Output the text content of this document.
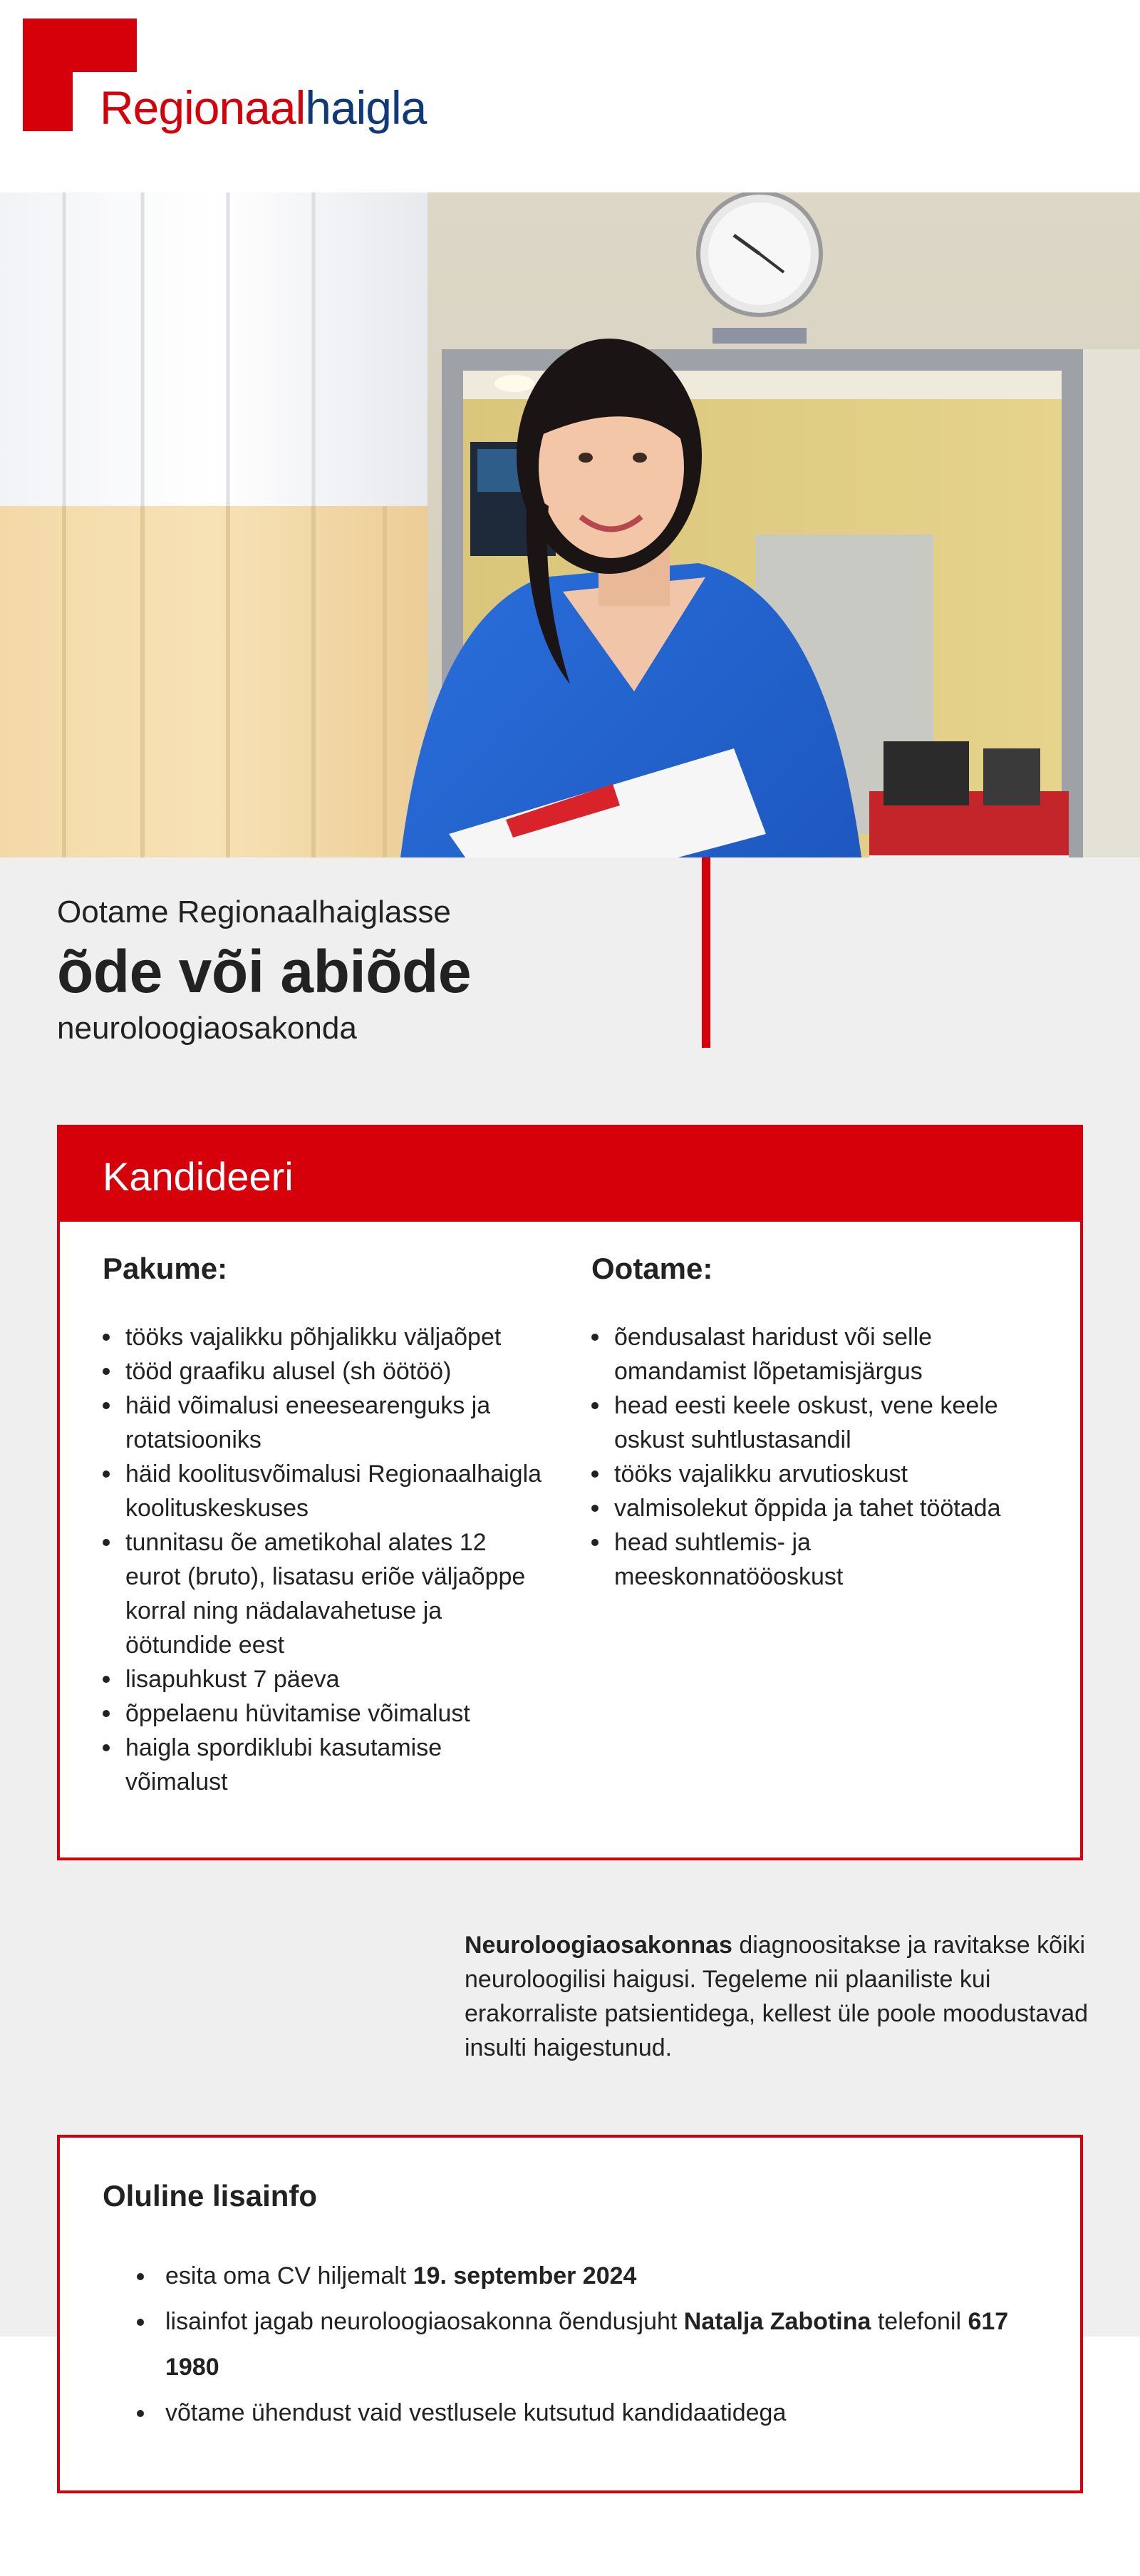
Regionaalhaigla
Ootame Regionaalhaiglasse
õde või abiõde
neuroloogiaosakonda
Kandideeri
Pakume:
tööks vajalikku põhjalikku väljaõpet
tööd graafiku alusel (sh öötöö)
häid võimalusi eneesearenguks ja rotatsiooniks
häid koolitusvõimalusi Regionaalhaigla koolituskeskuses
tunnitasu õe ametikohal alates 12 eurot (bruto), lisatasu eriõe väljaõppe korral ning nädalavahetuse ja öötundide eest
lisapuhkust 7 päeva
õppelaenu hüvitamise võimalust
haigla spordiklubi kasutamise võimalust
Ootame:
õendusalast haridust või selle omandamist lõpetamisjärgus
head eesti keele oskust, vene keele oskust suhtlustasandil
tööks vajalikku arvutioskust
valmisolekut õppida ja tahet töötada
head suhtlemis- ja meeskonnatööoskust

Neuroloogiaosakonnas diagnoositakse ja ravitakse kõiki neuroloogilisi haigusi. Tegeleme nii plaaniliste kui erakorraliste patsientidega, kellest üle poole moodustavad insulti haigestunud.

Oluline lisainfo
esita oma CV hiljemalt 19. september 2024
lisainfot jagab neuroloogiaosakonna õendusjuht Natalja Zabotina telefonil 617 1980
võtame ühendust vaid vestlusele kutsutud kandidaatidega
